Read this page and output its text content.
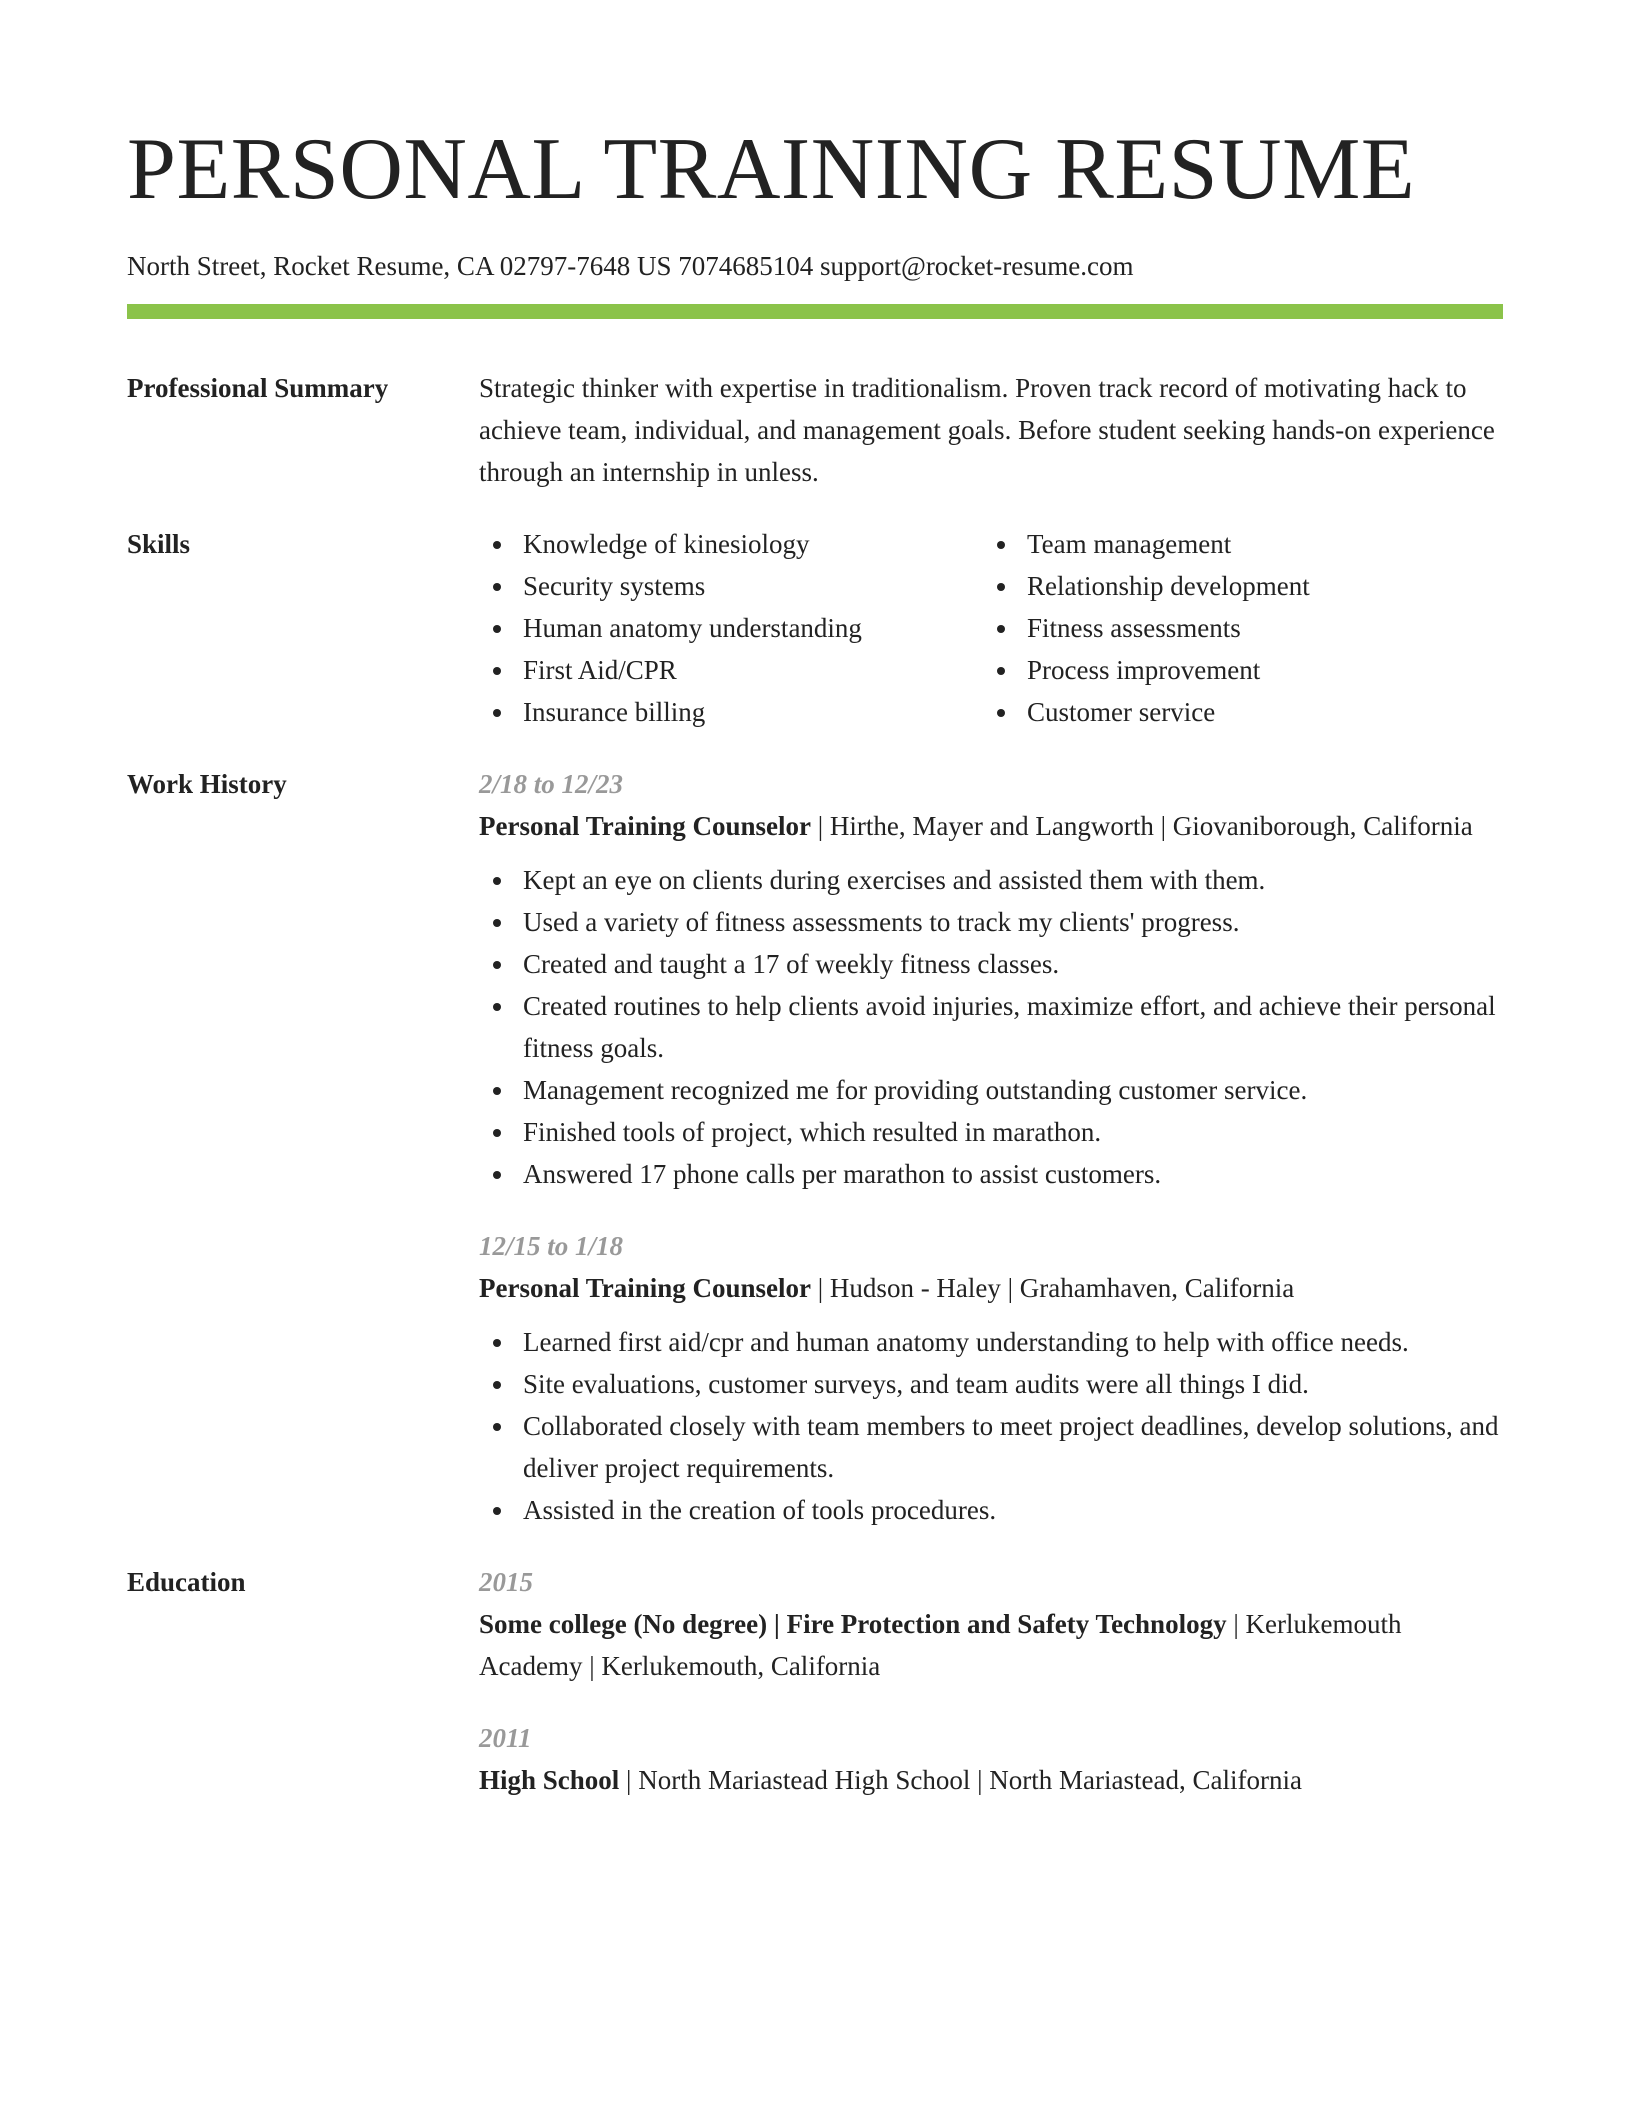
PERSONAL TRAINING RESUME
North Street, Rocket Resume, CA 02797-7648 US 7074685104 support@rocket-resume.com
Professional Summary	Strategic thinker with expertise in traditionalism. Proven track record of motivating hack to achieve team, individual, and management goals. Before student seeking hands-on experience through an internship in unless.
Skills	Knowledge of kinesiology
Security systems
Human anatomy understanding
First Aid/CPR
Insurance billing
Team management
Relationship development
Fitness assessments
Process improvement
Customer service
Work History	2/18 to 12/23
Personal Training Counselor | Hirthe, Mayer and Langworth | Giovaniborough, California
Kept an eye on clients during exercises and assisted them with them.
Used a variety of fitness assessments to track my clients' progress.
Created and taught a 17 of weekly fitness classes.
Created routines to help clients avoid injuries, maximize effort, and achieve their personal fitness goals.
Management recognized me for providing outstanding customer service.
Finished tools of project, which resulted in marathon.
Answered 17 phone calls per marathon to assist customers.
12/15 to 1/18
Personal Training Counselor | Hudson - Haley | Grahamhaven, California
Learned first aid/cpr and human anatomy understanding to help with office needs.
Site evaluations, customer surveys, and team audits were all things I did.
Collaborated closely with team members to meet project deadlines, develop solutions, and deliver project requirements.
Assisted in the creation of tools procedures.
Education	2015
Some college (No degree) | Fire Protection and Safety Technology | Kerlukemouth Academy | Kerlukemouth, California
2011
High School | North Mariastead High School | North Mariastead, California
